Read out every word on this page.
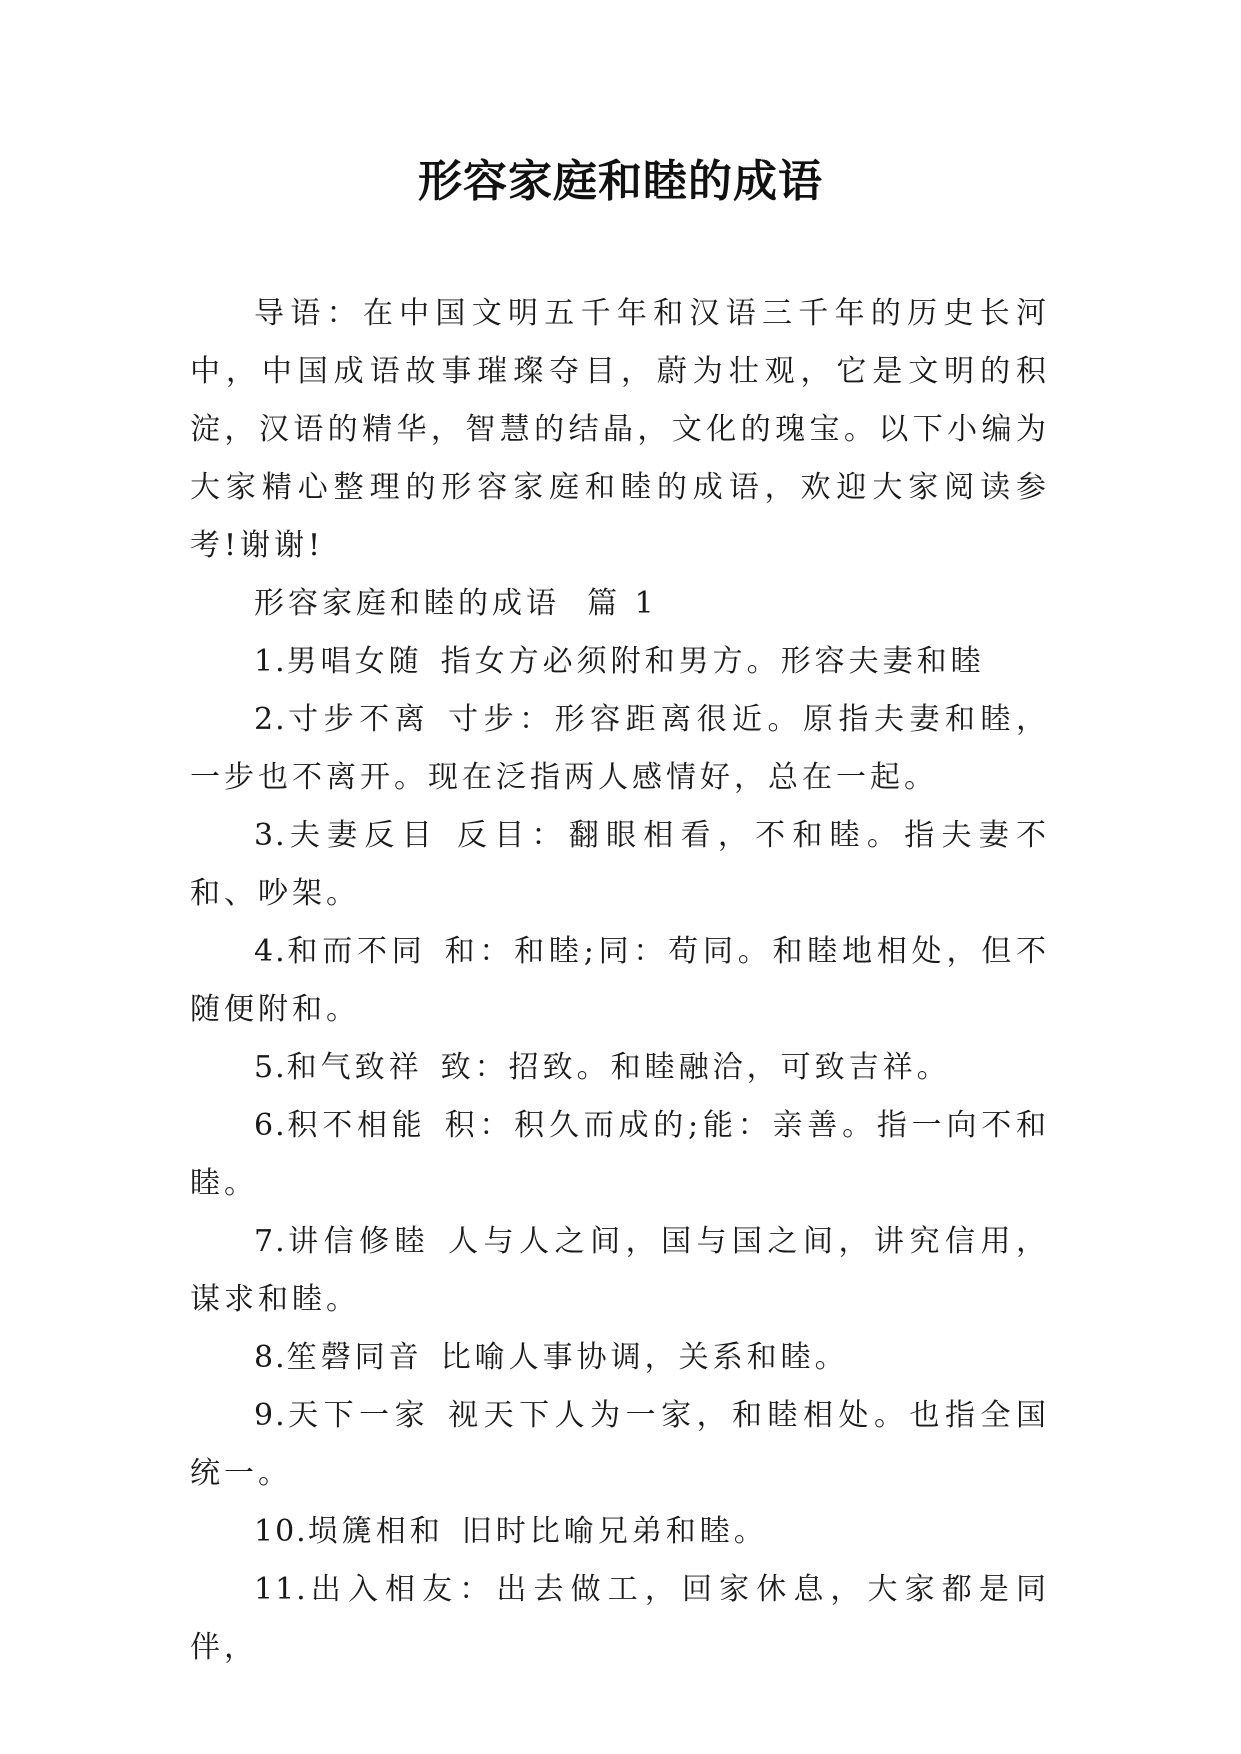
形容家庭和睦的成语
导语：在中国文明五千年和汉语三千年的历史长河中，中国成语故事璀璨夺目，蔚为壮观，它是文明的积淀，汉语的精华，智慧的结晶，文化的瑰宝。以下小编为大家精心整理的形容家庭和睦的成语，欢迎大家阅读参考!谢谢!

形容家庭和睦的成语  篇 1

1.男唱女随 指女方必须附和男方。形容夫妻和睦

2.寸步不离 寸步：形容距离很近。原指夫妻和睦，一步也不离开。现在泛指两人感情好，总在一起。

3.夫妻反目 反目：翻眼相看，不和睦。指夫妻不和、吵架。

4.和而不同 和：和睦;同：苟同。和睦地相处，但不随便附和。

5.和气致祥 致：招致。和睦融洽，可致吉祥。

6.积不相能 积：积久而成的;能：亲善。指一向不和睦。

7.讲信修睦 人与人之间，国与国之间，讲究信用，谋求和睦。

8.笙磬同音 比喻人事协调，关系和睦。

9.天下一家 视天下人为一家，和睦相处。也指全国统一。

10.埙篪相和 旧时比喻兄弟和睦。

11.出入相友：出去做工，回家休息，大家都是同伴，
